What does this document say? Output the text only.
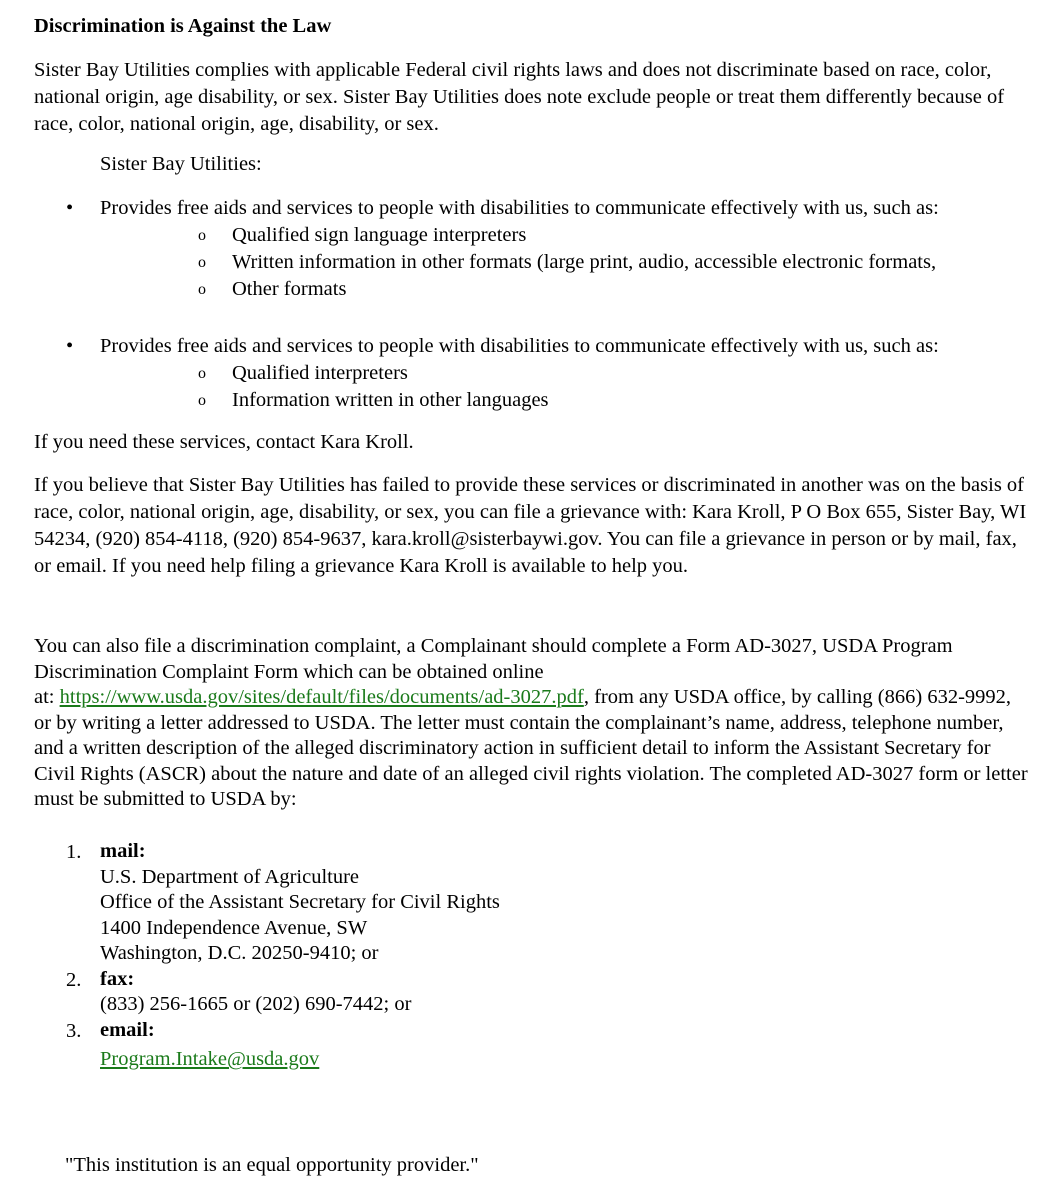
Discrimination is Against the Law
Sister Bay Utilities complies with applicable Federal civil rights laws and does not discriminate based on race, color, national origin, age disability, or sex. Sister Bay Utilities does note exclude people or treat them differently because of race, color, national origin, age, disability, or sex.
Sister Bay Utilities:
• Provides free aids and services to people with disabilities to communicate effectively with us, such as:
o Qualified sign language interpreters
o Written information in other formats (large print, audio, accessible electronic formats,
o Other formats
• Provides free aids and services to people with disabilities to communicate effectively with us, such as:
o Qualified interpreters
o Information written in other languages
If you need these services, contact Kara Kroll.
If you believe that Sister Bay Utilities has failed to provide these services or discriminated in another was on the basis of race, color, national origin, age, disability, or sex, you can file a grievance with: Kara Kroll, P O Box 655, Sister Bay, WI 54234, (920) 854-4118, (920) 854-9637, kara.kroll@sisterbaywi.gov. You can file a grievance in person or by mail, fax, or email. If you need help filing a grievance Kara Kroll is available to help you.
You can also file a discrimination complaint, a Complainant should complete a Form AD-3027, USDA Program Discrimination Complaint Form which can be obtained online
at: https://www.usda.gov/sites/default/files/documents/ad-3027.pdf, from any USDA office, by calling (866) 632-9992, or by writing a letter addressed to USDA. The letter must contain the complainant’s name, address, telephone number, and a written description of the alleged discriminatory action in sufficient detail to inform the Assistant Secretary for Civil Rights (ASCR) about the nature and date of an alleged civil rights violation. The completed AD-3027 form or letter must be submitted to USDA by:
1. mail:
U.S. Department of Agriculture
Office of the Assistant Secretary for Civil Rights
1400 Independence Avenue, SW
Washington, D.C. 20250-9410; or
2. fax:
(833) 256-1665 or (202) 690-7442; or
3. email:
Program.Intake@usda.gov
"This institution is an equal opportunity provider."
